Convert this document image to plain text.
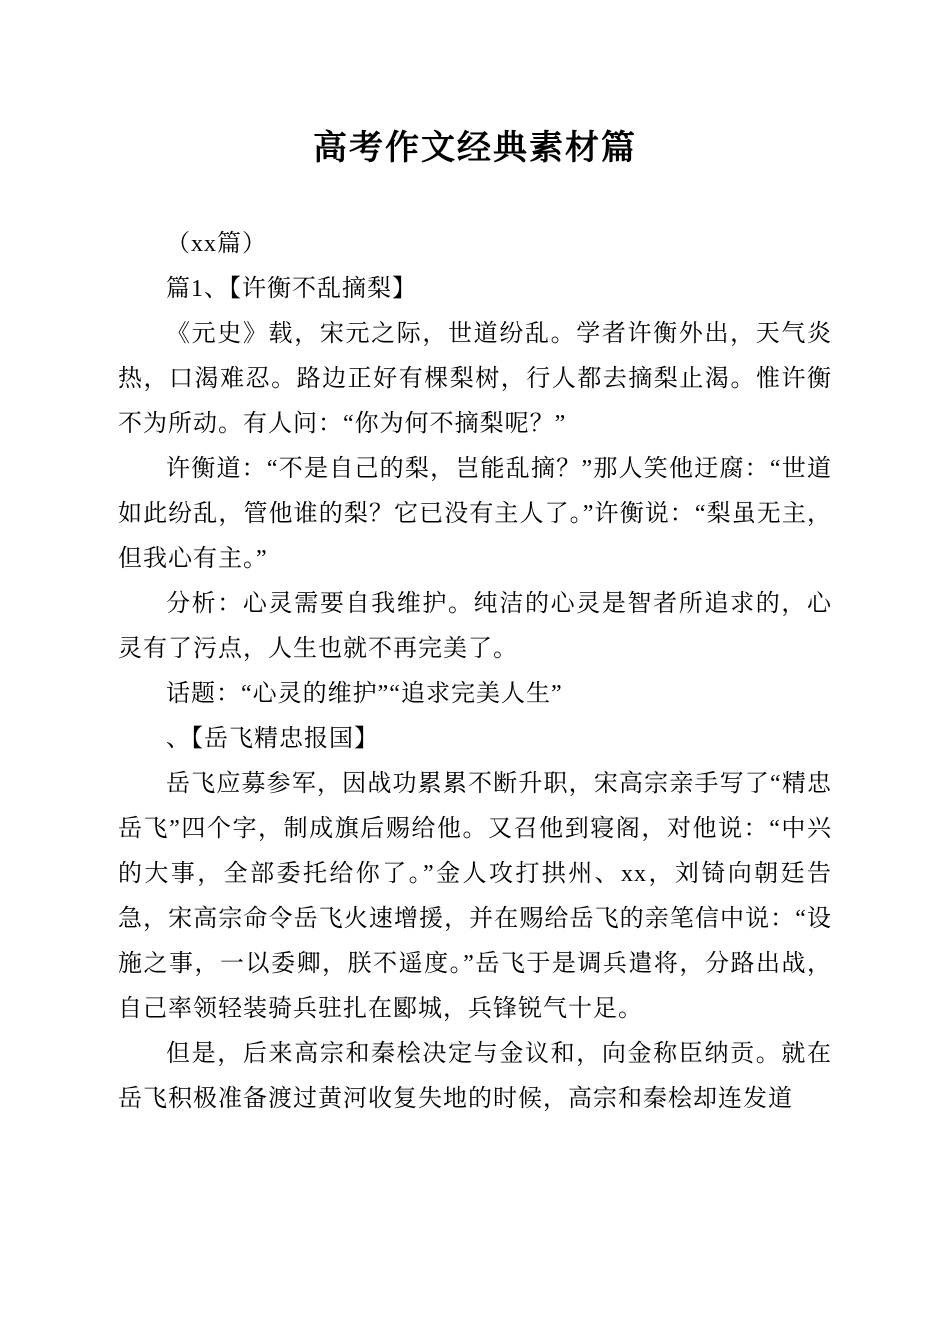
高考作文经典素材篇

（xx篇）

篇1、【许衡不乱摘梨】

《元史》载，宋元之际，世道纷乱。学者许衡外出，天气炎热，口渴难忍。路边正好有棵梨树，行人都去摘梨止渴。惟许衡不为所动。有人问：“你为何不摘梨呢？”

许衡道：“不是自己的梨，岂能乱摘？”那人笑他迂腐：“世道如此纷乱，管他谁的梨？它已没有主人了。”许衡说：“梨虽无主，但我心有主。”

分析：心灵需要自我维护。纯洁的心灵是智者所追求的，心灵有了污点，人生也就不再完美了。

话题：“心灵的维护”“追求完美人生”

、【岳飞精忠报国】

岳飞应募参军，因战功累累不断升职，宋高宗亲手写了“精忠岳飞”四个字，制成旗后赐给他。又召他到寝阁，对他说：“中兴的大事，全部委托给你了。”金人攻打拱州、xx，刘锜向朝廷告急，宋高宗命令岳飞火速增援，并在赐给岳飞的亲笔信中说：“设施之事，一以委卿，朕不遥度。”岳飞于是调兵遣将，分路出战，自己率领轻装骑兵驻扎在郾城，兵锋锐气十足。

但是，后来高宗和秦桧决定与金议和，向金称臣纳贡。就在岳飞积极准备渡过黄河收复失地的时候，高宗和秦桧却连发道
